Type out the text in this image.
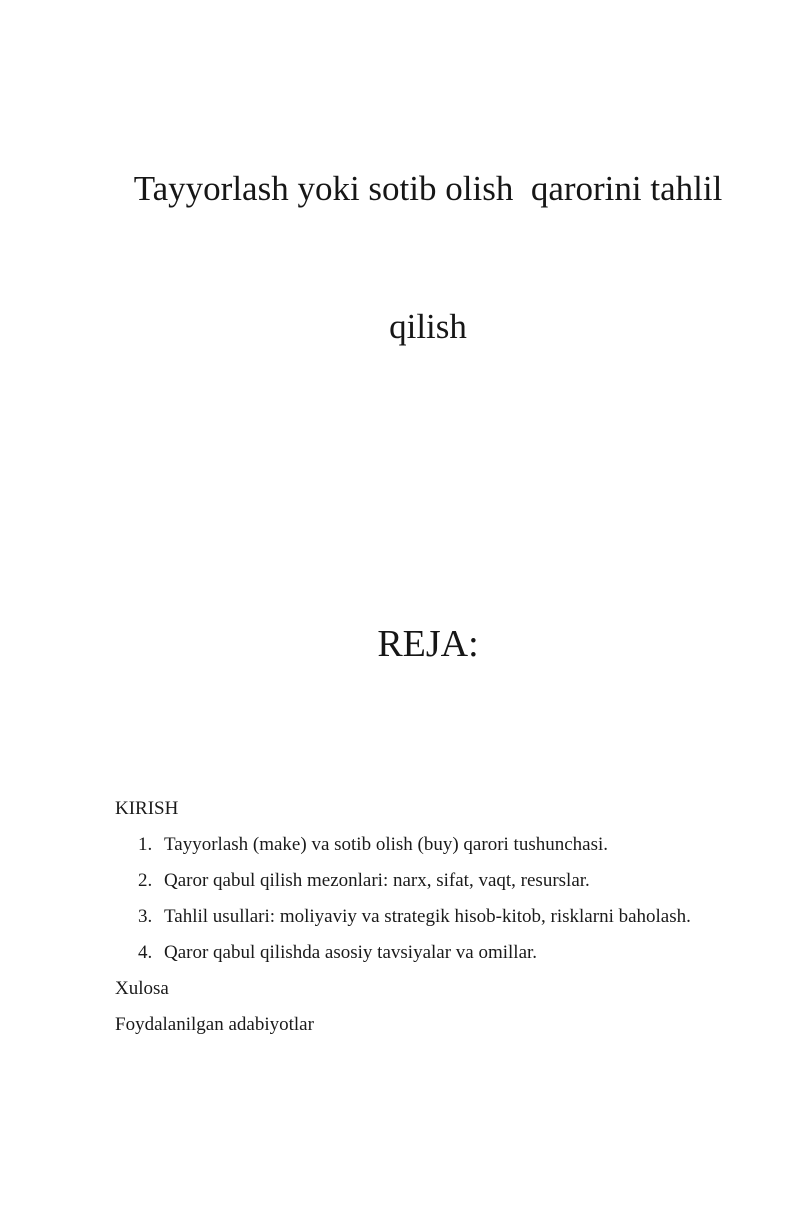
Tayyorlash yoki sotib olish  qarorini tahlil

qilish

REJA:
KIRISH
1. Tayyorlash (make) va sotib olish (buy) qarori tushunchasi.
2. Qaror qabul qilish mezonlari: narx, sifat, vaqt, resurslar.
3. Tahlil usullari: moliyaviy va strategik hisob-kitob, risklarni baholash.
4. Qaror qabul qilishda asosiy tavsiyalar va omillar.
Xulosa
Foydalanilgan adabiyotlar
